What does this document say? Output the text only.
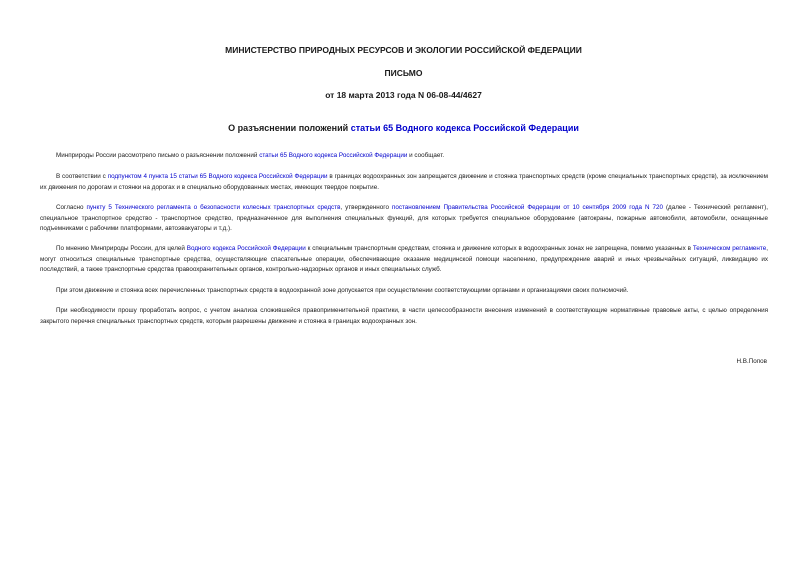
МИНИСТЕРСТВО ПРИРОДНЫХ РЕСУРСОВ И ЭКОЛОГИИ РОССИЙСКОЙ ФЕДЕРАЦИИ

ПИСЬМО

от 18 марта 2013 года N 06-08-44/4627

О разъяснении положений статьи 65 Водного кодекса Российской Федерации

Минприроды России рассмотрело письмо о разъяснении положений статьи 65 Водного кодекса Российской Федерации и сообщает.

В соответствии с подпунктом 4 пункта 15 статьи 65 Водного кодекса Российской Федерации в границах водоохранных зон запрещается движение и стоянка транспортных средств (кроме специальных транспортных средств), за исключением их движения по дорогам и стоянки на дорогах и в специально оборудованных местах, имеющих твердое покрытие.

Согласно пункту 5 Технического регламента о безопасности колесных транспортных средств, утвержденного постановлением Правительства Российской Федерации от 10 сентября 2009 года N 720 (далее - Технический регламент), специальное транспортное средство - транспортное средство, предназначенное для выполнения специальных функций, для которых требуется специальное оборудование (автокраны, пожарные автомобили, автомобили, оснащенные подъемниками с рабочими платформами, автоэвакуаторы и т.д.).

По мнению Минприроды России, для целей Водного кодекса Российской Федерации к специальным транспортным средствам, стоянка и движение которых в водоохранных зонах не запрещена, помимо указанных в Техническом регламенте, могут относиться специальные транспортные средства, осуществляющие спасательные операции, обеспечивающие оказание медицинской помощи населению, предупреждение аварий и иных чрезвычайных ситуаций, ликвидацию их последствий, а также транспортные средства правоохранительных органов, контрольно-надзорных органов и иных специальных служб.

При этом движение и стоянка всех перечисленных транспортных средств в водоохранной зоне допускается при осуществлении соответствующими органами и организациями своих полномочий.

При необходимости прошу проработать вопрос, с учетом анализа сложившейся правоприменительной практики, в части целесообразности внесения изменений в соответствующие нормативные правовые акты, с целью определения закрытого перечня специальных транспортных средств, которым разрешены движение и стоянка в границах водоохранных зон.

Н.В.Попов
